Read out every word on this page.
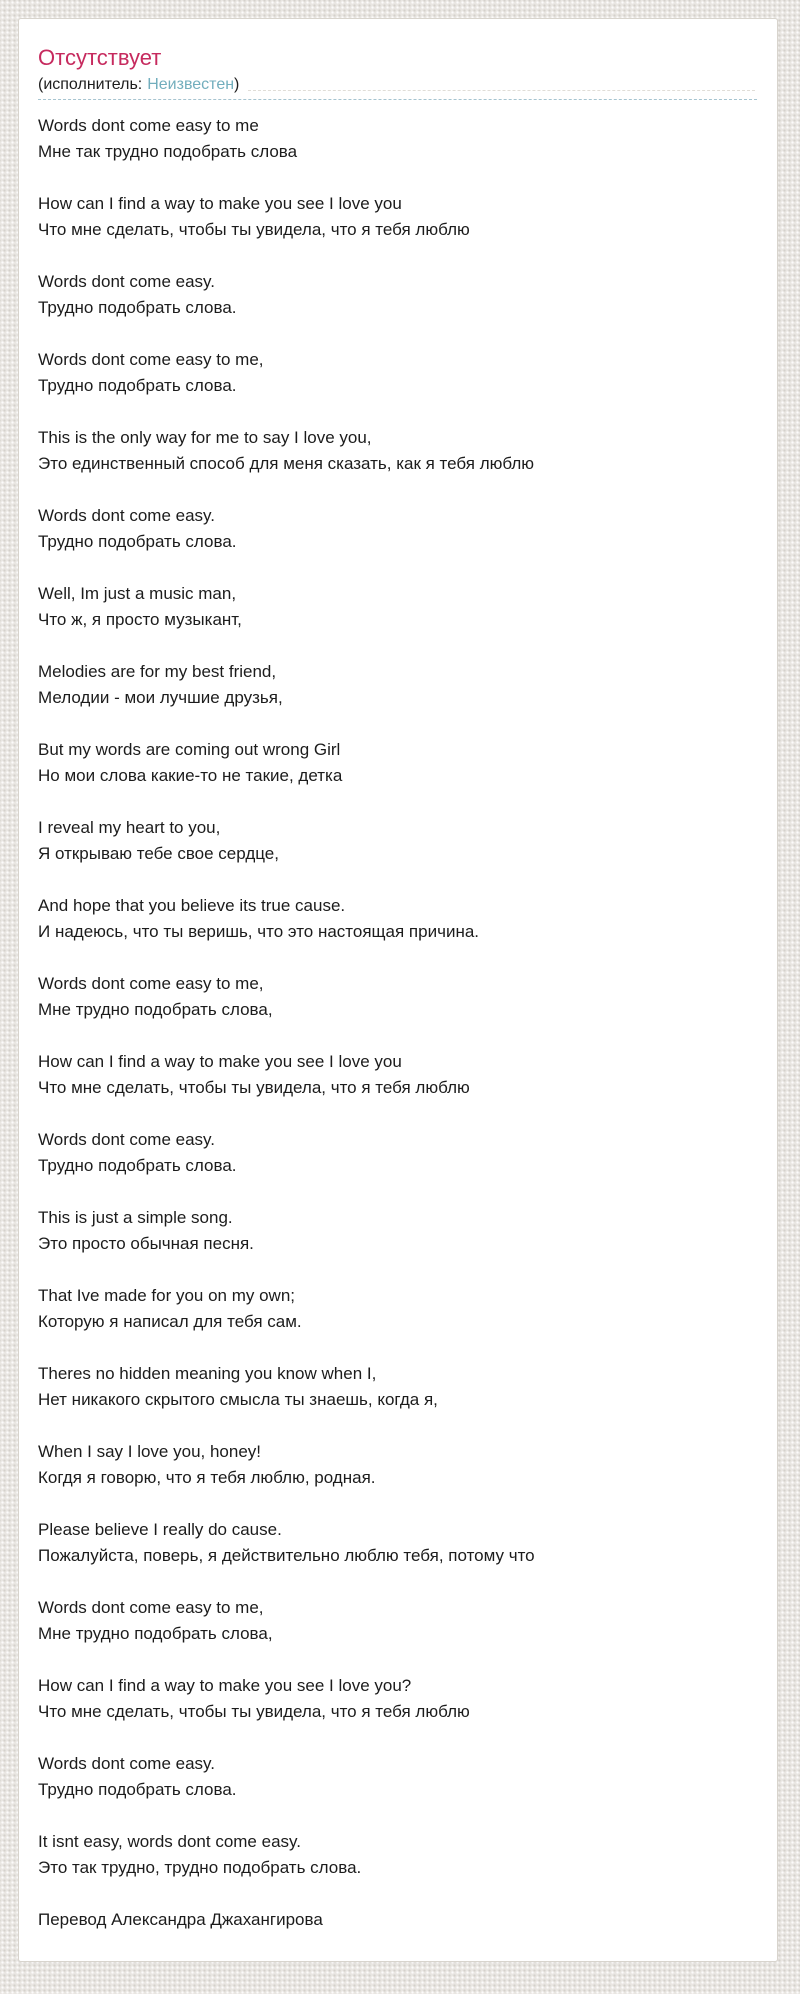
Отсутствует
(исполнитель: Неизвестен )

Words dont come easy to me
Мне так трудно подобрать слова

How can I find a way to make you see I love you
Что мне сделать, чтобы ты увидела, что я тебя люблю

Words dont come easy.
Трудно подобрать слова.

Words dont come easy to me,
Трудно подобрать слова.

This is the only way for me to say I love you,
Это единственный способ для меня сказать, как я тебя люблю

Words dont come easy.
Трудно подобрать слова.

Well, Im just a music man,
Что ж, я просто музыкант,

Melodies are for my best friend,
Мелодии - мои лучшие друзья,

But my words are coming out wrong Girl
Но мои слова какие-то не такие, детка

I reveal my heart to you,
Я открываю тебе свое сердце,

And hope that you believe its true cause.
И надеюсь, что ты веришь, что это настоящая причина.

Words dont come easy to me,
Мне трудно подобрать слова,

How can I find a way to make you see I love you
Что мне сделать, чтобы ты увидела, что я тебя люблю

Words dont come easy.
Трудно подобрать слова.

This is just a simple song.
Это просто обычная песня.

That Ive made for you on my own;
Которую я написал для тебя сам.

Theres no hidden meaning you know when I,
Нет никакого скрытого смысла ты знаешь, когда я,

When I say I love you, honey!
Когдя я говорю, что я тебя люблю, родная.

Please believe I really do cause.
Пожалуйста, поверь, я действительно люблю тебя, потому что

Words dont come easy to me,
Мне трудно подобрать слова,

How can I find a way to make you see I love you?
Что мне сделать, чтобы ты увидела, что я тебя люблю

Words dont come easy.
Трудно подобрать слова.

It isnt easy, words dont come easy.
Это так трудно, трудно подобрать слова.

Перевод Александра Джахангирова
